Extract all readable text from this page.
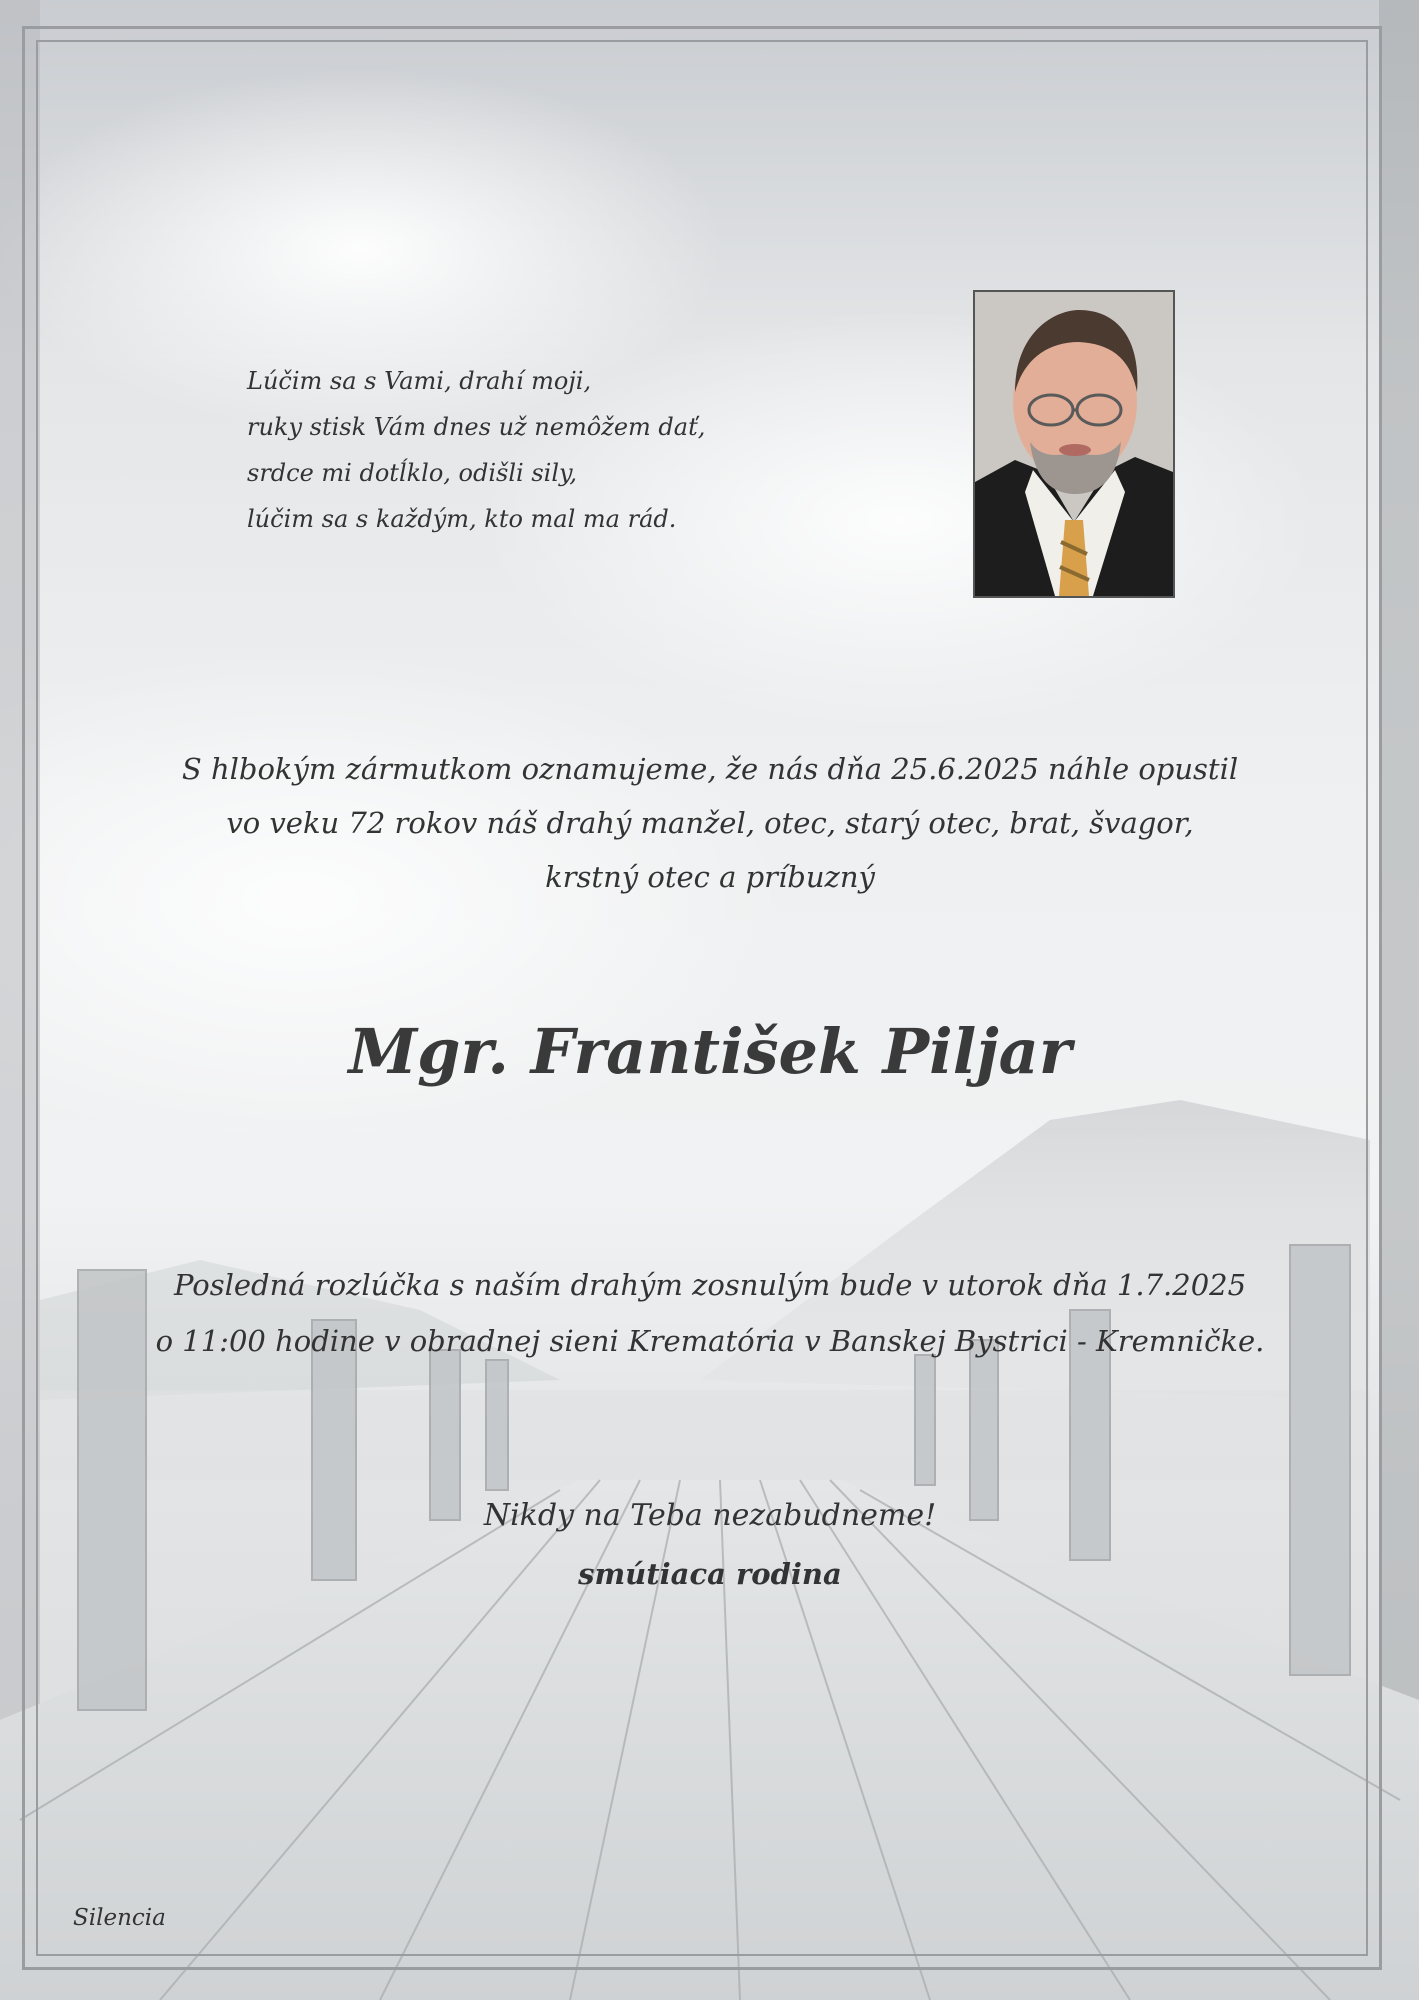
Lúčim sa s Vami, drahí moji,
ruky stisk Vám dnes už nemôžem dať,
srdce mi dotĺklo, odišli sily,
lúčim sa s každým, kto mal ma rád.
S hlbokým zármutkom oznamujeme, že nás dňa 25.6.2025 náhle opustil
vo veku 72 rokov náš drahý manžel, otec, starý otec, brat, švagor,
krstný otec a príbuzný
Mgr. František Piljar
Posledná rozlúčka s naším drahým zosnulým bude v utorok dňa 1.7.2025
o 11:00 hodine v obradnej sieni Krematória v Banskej Bystrici - Kremničke.
Nikdy na Teba nezabudneme!
smútiaca rodina
Silencia
